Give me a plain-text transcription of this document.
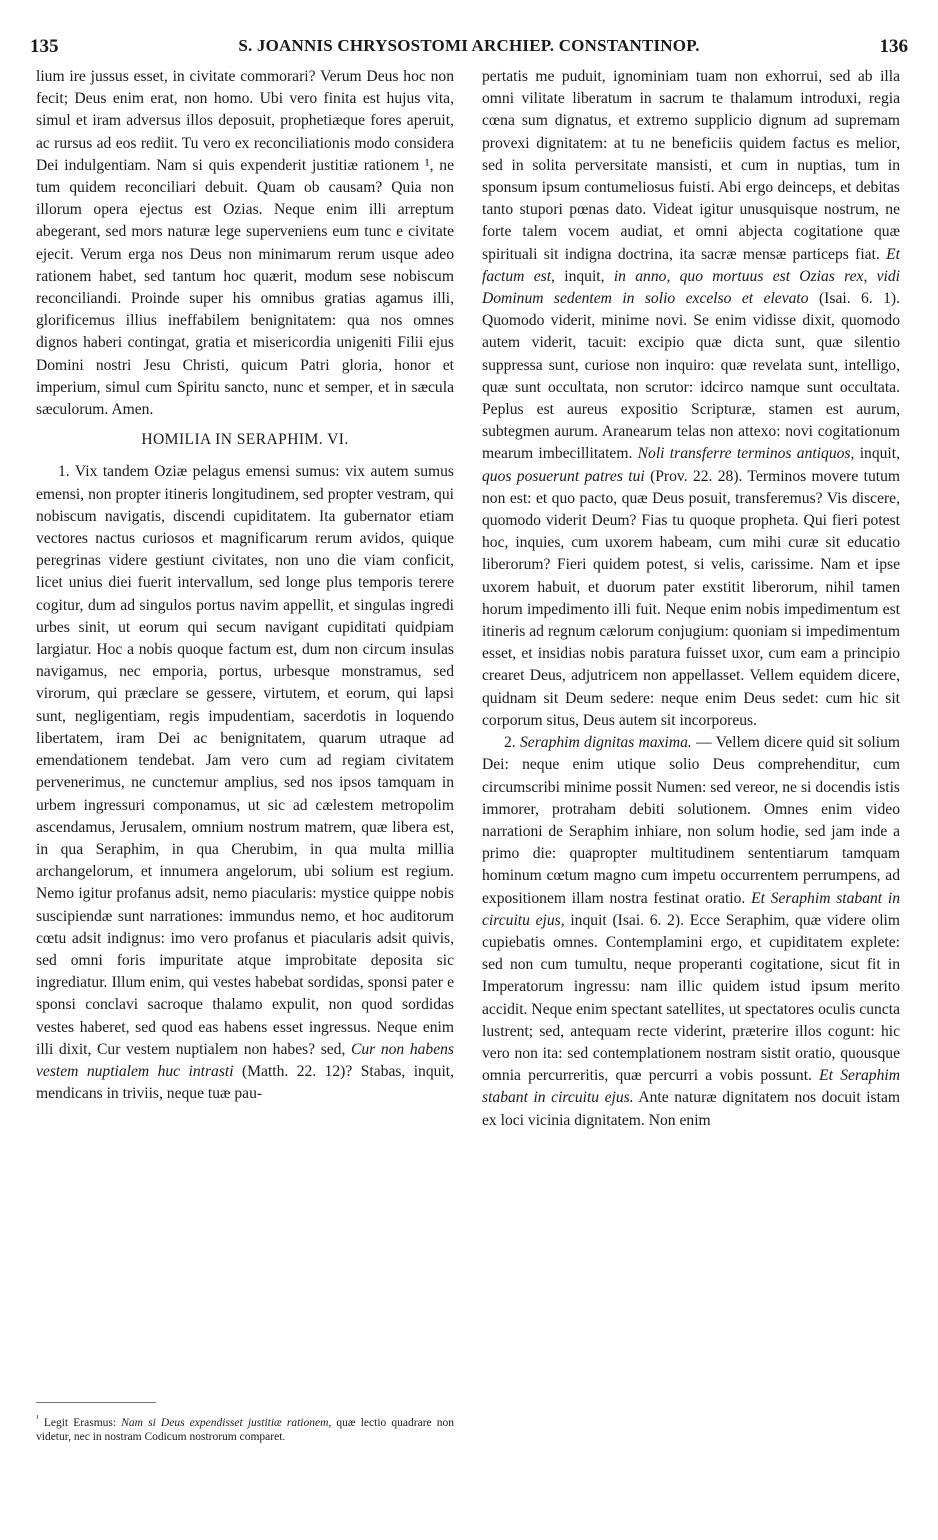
135	S. JOANNIS CHRYSOSTOMI ARCHIEP. CONSTANTINOP.	136

lium ire jussus esset, in civitate commorari? Verum Deus hoc non fecit; Deus enim erat, non homo. Ubi vero finita est hujus vita, simul et iram adversus illos deposuit, prophetiæque fores aperuit, ac rursus ad eos rediit. Tu vero ex reconciliationis modo considera Dei indulgentiam. Nam si quis expenderit justitiæ rationem ¹, ne tum quidem reconciliari debuit. Quam ob causam? Quia non illorum opera ejectus est Ozias. Neque enim illi arreptum abegerant, sed mors naturæ lege superveniens eum tunc e civitate ejecit. Verum erga nos Deus non minimarum rerum usque adeo rationem habet, sed tantum hoc quærit, modum sese nobiscum reconciliandi. Proinde super his omnibus gratias agamus illi, glorificemus illius ineffabilem benignitatem: qua nos omnes dignos haberi contingat, gratia et misericordia unigeniti Filii ejus Domini nostri Jesu Christi, quicum Patri gloria, honor et imperium, simul cum Spiritu sancto, nunc et semper, et in sæcula sæculorum. Amen.

HOMILIA IN SERAPHIM. VI.

1. Vix tandem Oziæ pelagus emensi sumus: vix autem sumus emensi, non propter itineris longitudinem, sed propter vestram, qui nobiscum navigatis, discendi cupiditatem. Ita gubernator etiam vectores nactus curiosos et magnificarum rerum avidos, quique peregrinas videre gestiunt civitates, non uno die viam conficit, licet unius diei fuerit intervallum, sed longe plus temporis terere cogitur, dum ad singulos portus navim appellit, et singulas ingredi urbes sinit, ut eorum qui secum navigant cupiditati quidpiam largiatur. Hoc a nobis quoque factum est, dum non circum insulas navigamus, nec emporia, portus, urbesque monstramus, sed virorum, qui præclare se gessere, virtutem, et eorum, qui lapsi sunt, negligentiam, regis impudentiam, sacerdotis in loquendo libertatem, iram Dei ac benignitatem, quarum utraque ad emendationem tendebat. Jam vero cum ad regiam civitatem pervenerimus, ne cunctemur amplius, sed nos ipsos tamquam in urbem ingressuri componamus, ut sic ad cælestem metropolim ascendamus, Jerusalem, omnium nostrum matrem, quæ libera est, in qua Seraphim, in qua Cherubim, in qua multa millia archangelorum, et innumera angelorum, ubi solium est regium. Nemo igitur profanus adsit, nemo piacularis: mystice quippe nobis suscipiendæ sunt narrationes: immundus nemo, et hoc auditorum cœtu adsit indignus: imo vero profanus et piacularis adsit quivis, sed omni foris impuritate atque improbitate deposita sic ingrediatur. Illum enim, qui vestes habebat sordidas, sponsi pater e sponsi conclavi sacroque thalamo expulit, non quod sordidas vestes haberet, sed quod eas habens esset ingressus. Neque enim illi dixit, Cur vestem nuptialem non habes? sed, Cur non habens vestem nuptialem huc intrasti (Matth. 22. 12)? Stabas, inquit, mendicans in triviis, neque tuæ pau-

pertatis me puduit, ignominiam tuam non exhorrui, sed ab illa omni vilitate liberatum in sacrum te thalamum introduxi, regia cœna sum dignatus, et extremo supplicio dignum ad supremam provexi dignitatem: at tu ne beneficiis quidem factus es melior, sed in solita perversitate mansisti, et cum in nuptias, tum in sponsum ipsum contumeliosus fuisti. Abi ergo deinceps, et debitas tanto stupori pœnas dato. Videat igitur unusquisque nostrum, ne forte talem vocem audiat, et omni abjecta cogitatione quæ spirituali sit indigna doctrina, ita sacræ mensæ particeps fiat. Et factum est, inquit, in anno, quo mortuus est Ozias rex, vidi Dominum sedentem in solio excelso et elevato (Isai. 6. 1). Quomodo viderit, minime novi. Se enim vidisse dixit, quomodo autem viderit, tacuit: excipio quæ dicta sunt, quæ silentio suppressa sunt, curiose non inquiro: quæ revelata sunt, intelligo, quæ sunt occultata, non scrutor: idcirco namque sunt occultata. Peplus est aureus expositio Scripturæ, stamen est aurum, subtegmen aurum. Aranearum telas non attexo: novi cogitationum mearum imbecillitatem. Noli transferre terminos antiquos, inquit, quos posuerunt patres tui (Prov. 22. 28). Terminos movere tutum non est: et quo pacto, quæ Deus posuit, transferemus? Vis discere, quomodo viderit Deum? Fias tu quoque propheta. Qui fieri potest hoc, inquies, cum uxorem habeam, cum mihi curæ sit educatio liberorum? Fieri quidem potest, si velis, carissime. Nam et ipse uxorem habuit, et duorum pater exstitit liberorum, nihil tamen horum impedimento illi fuit. Neque enim nobis impedimentum est itineris ad regnum cælorum conjugium: quoniam si impedimentum esset, et insidias nobis paratura fuisset uxor, cum eam a principio crearet Deus, adjutricem non appellasset. Vellem equidem dicere, quidnam sit Deum sedere: neque enim Deus sedet: cum hic sit corporum situs, Deus autem sit incorporeus.

2. Seraphim dignitas maxima. — Vellem dicere quid sit solium Dei: neque enim utique solio Deus comprehenditur, cum circumscribi minime possit Numen: sed vereor, ne si docendis istis immorer, protraham debiti solutionem. Omnes enim video narrationi de Seraphim inhiare, non solum hodie, sed jam inde a primo die: quapropter multitudinem sententiarum tamquam hominum cœtum magno cum impetu occurrentem perrumpens, ad expositionem illam nostra festinat oratio. Et Seraphim stabant in circuitu ejus, inquit (Isai. 6. 2). Ecce Seraphim, quæ videre olim cupiebatis omnes. Contemplamini ergo, et cupiditatem explete: sed non cum tumultu, neque properanti cogitatione, sicut fit in Imperatorum ingressu: nam illic quidem istud ipsum merito accidit. Neque enim spectant satellites, ut spectatores oculis cuncta lustrent; sed, antequam recte viderint, præterire illos cogunt: hic vero non ita: sed contemplationem nostram sistit oratio, quousque omnia percurreritis, quæ percurri a vobis possunt. Et Seraphim stabant in circuitu ejus. Ante naturæ dignitatem nos docuit istam ex loci vicinia dignitatem. Non enim

$^{^1}$ Legit Erasmus: Nam si Deus expendisset justitiæ rationem, quæ lectio quadrare non videtur, nec in nostram Codicum nostrorum comparet.
